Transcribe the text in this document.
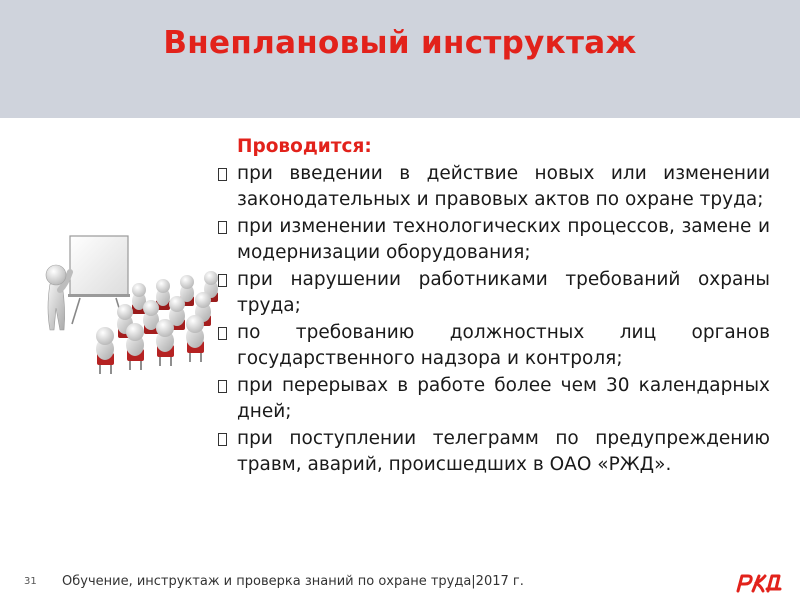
Внеплановый инструктаж

Проводится:

при введении в действие новых или изменении законодательных и правовых актов по охране труда;
при изменении технологических процессов, замене и модернизации оборудования;
при нарушении работниками требований охраны труда;
по требованию должностных лиц органов государственного надзора и контроля;
при перерывах в работе более чем 30 календарных дней;
при поступлении телеграмм по предупреждению травм, аварий, происшедших в ОАО «РЖД».
31 Обучение, инструктаж и проверка знаний по охране труда|2017 г.
